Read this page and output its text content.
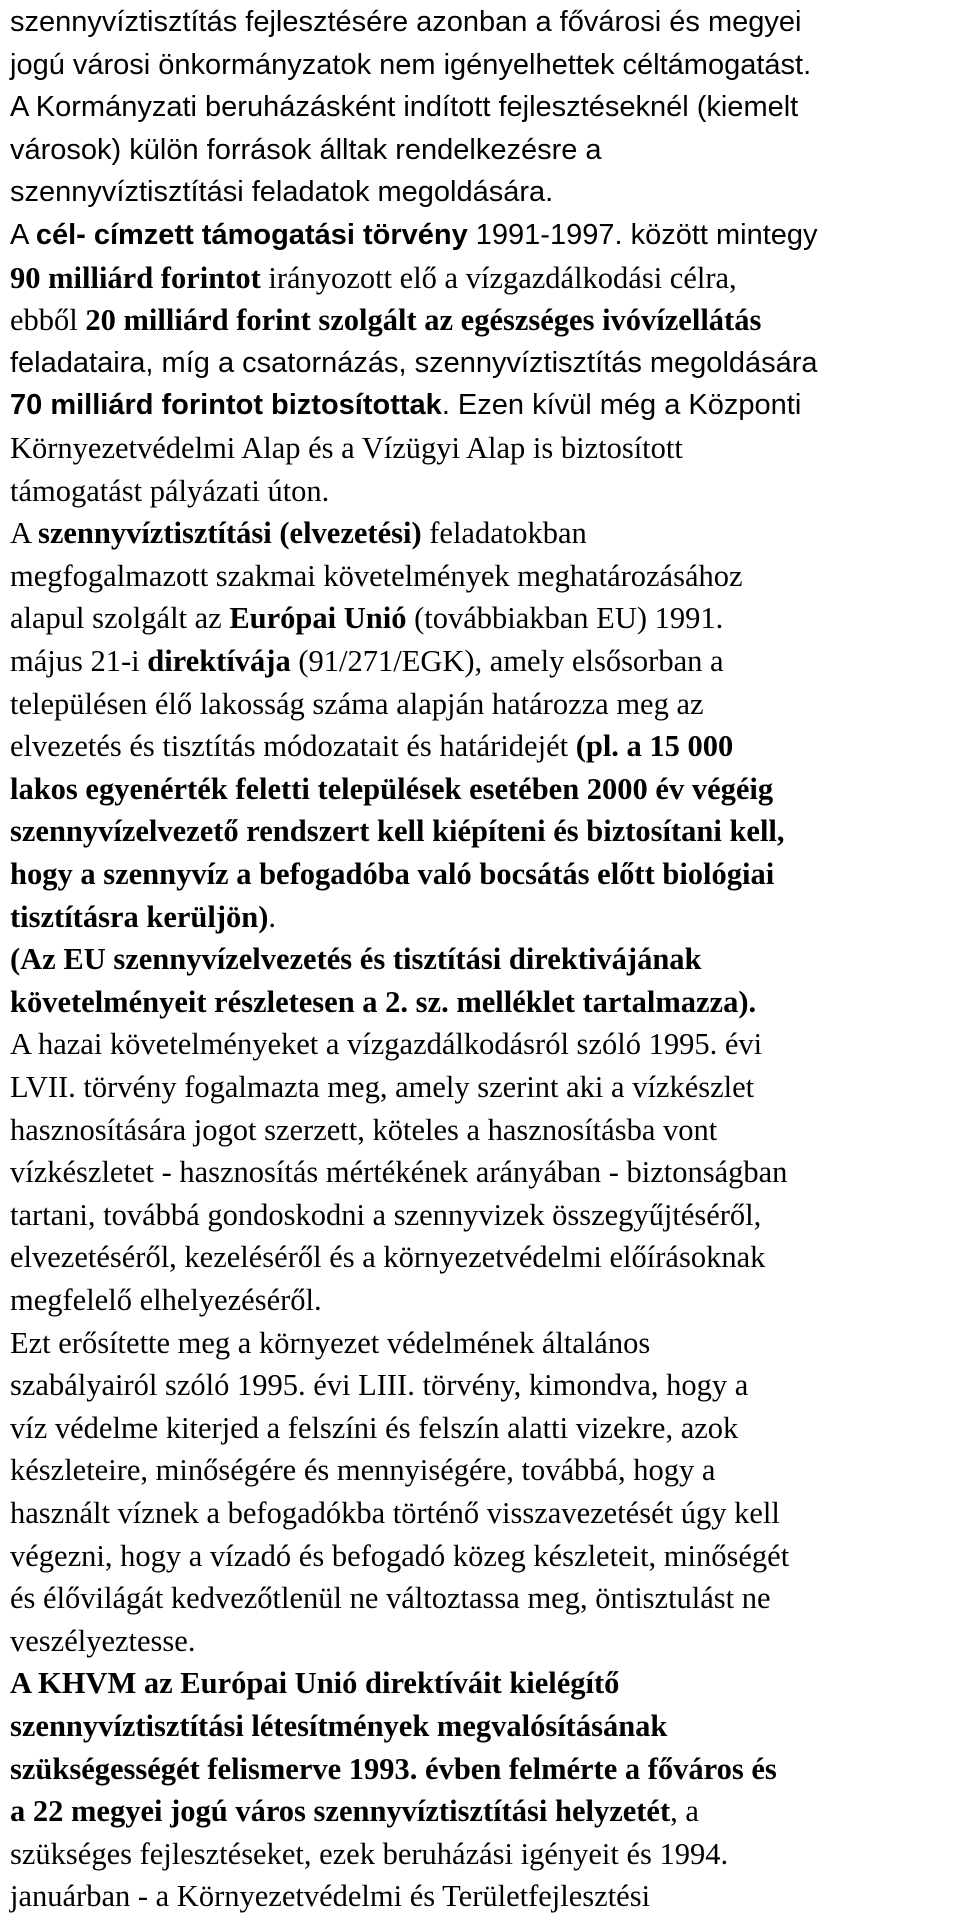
szennyvíztisztítás fejlesztésére azonban a fővárosi és megyei
jogú városi önkormányzatok nem igényelhettek céltámogatást.
A Kormányzati beruházásként indított fejlesztéseknél (kiemelt
városok) külön források álltak rendelkezésre a
szennyvíztisztítási feladatok megoldására.
A cél- címzett támogatási törvény 1991-1997. között mintegy
90 milliárd forintot irányozott elő a vízgazdálkodási célra,
ebből 20 milliárd forint szolgált az egészséges ivóvízellátás
feladataira, míg a csatornázás, szennyvíztisztítás megoldására
70 milliárd forintot biztosítottak. Ezen kívül még a Központi
Környezetvédelmi Alap és a Vízügyi Alap is biztosított
támogatást pályázati úton.
A szennyvíztisztítási (elvezetési) feladatokban
megfogalmazott szakmai követelmények meghatározásához
alapul szolgált az Európai Unió (továbbiakban EU) 1991.
május 21-i direktívája (91/271/EGK), amely elsősorban a
településen élő lakosság száma alapján határozza meg az
elvezetés és tisztítás módozatait és határidejét (pl. a 15 000
lakos egyenérték feletti települések esetében 2000 év végéig
szennyvízelvezető rendszert kell kiépíteni és biztosítani kell,
hogy a szennyvíz a befogadóba való bocsátás előtt biológiai
tisztításra kerüljön).
(Az EU szennyvízelvezetés és tisztítási direktivájának
követelményeit részletesen a 2. sz. melléklet tartalmazza).
A hazai követelményeket a vízgazdálkodásról szóló 1995. évi
LVII. törvény fogalmazta meg, amely szerint aki a vízkészlet
hasznosítására jogot szerzett, köteles a hasznosításba vont
vízkészletet - hasznosítás mértékének arányában - biztonságban
tartani, továbbá gondoskodni a szennyvizek összegyűjtéséről,
elvezetéséről, kezeléséről és a környezetvédelmi előírásoknak
megfelelő elhelyezéséről.
Ezt erősítette meg a környezet védelmének általános
szabályairól szóló 1995. évi LIII. törvény, kimondva, hogy a
víz védelme kiterjed a felszíni és felszín alatti vizekre, azok
készleteire, minőségére és mennyiségére, továbbá, hogy a
használt víznek a befogadókba történő visszavezetését úgy kell
végezni, hogy a vízadó és befogadó közeg készleteit, minőségét
és élővilágát kedvezőtlenül ne változtassa meg, öntisztulást ne
veszélyeztesse.
A KHVM az Európai Unió direktíváit kielégítő
szennyvíztisztítási létesítmények megvalósításának
szükségességét felismerve 1993. évben felmérte a főváros és
a 22 megyei jogú város szennyvíztisztítási helyzetét, a
szükséges fejlesztéseket, ezek beruházási igényeit és 1994.
januárban - a Környezetvédelmi és Területfejlesztési
